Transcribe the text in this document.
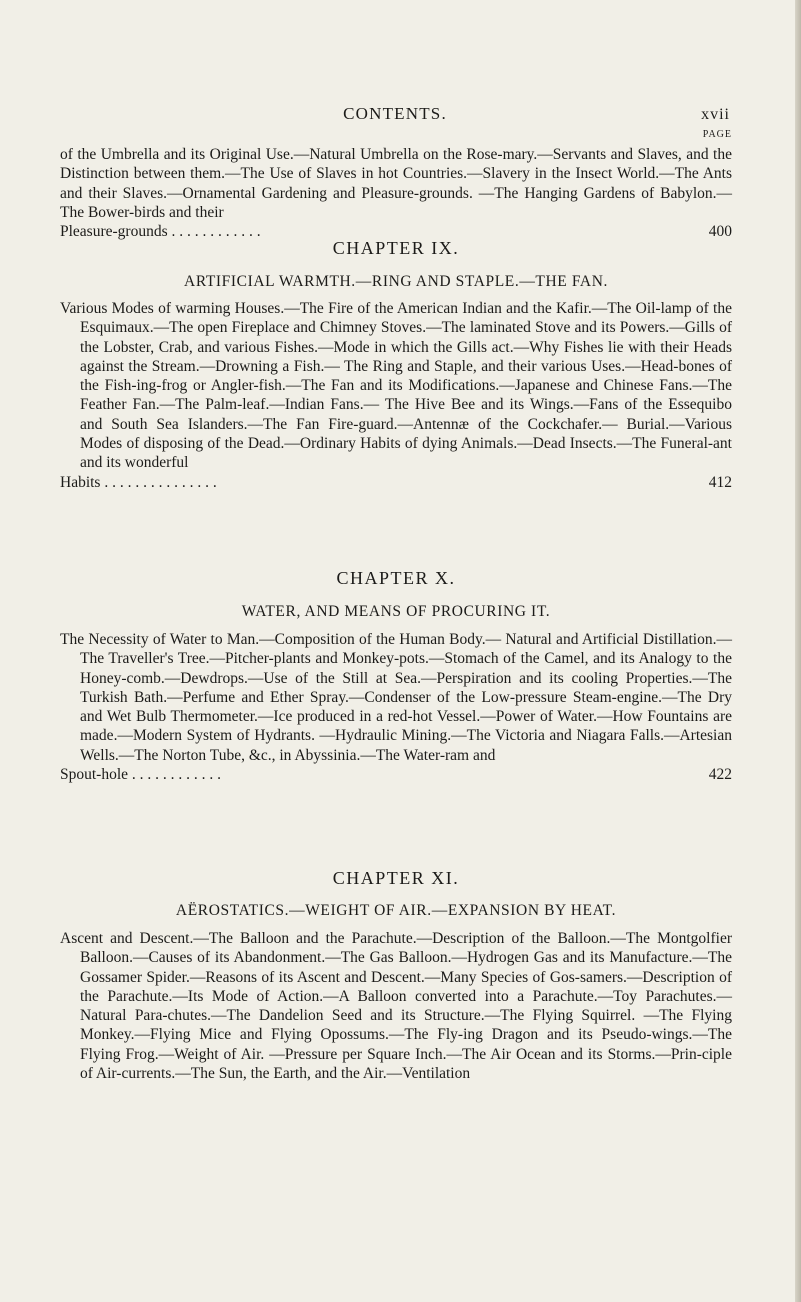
CONTENTS.	xvii
PAGE
of the Umbrella and its Original Use.—Natural Umbrella on the Rose-mary.—Servants and Slaves, and the Distinction between them.—The Use of Slaves in hot Countries.—Slavery in the Insect World.—The Ants and their Slaves.—Ornamental Gardening and Pleasure-grounds. —The Hanging Gardens of Babylon.—The Bower-birds and their
Pleasure-grounds . . . . . . . . . . . .	400
CHAPTER IX.
ARTIFICIAL WARMTH.—RING AND STAPLE.—THE FAN.
Various Modes of warming Houses.—The Fire of the American Indian and the Kafir.—The Oil-lamp of the Esquimaux.—The open Fireplace and Chimney Stoves.—The laminated Stove and its Powers.—Gills of the Lobster, Crab, and various Fishes.—Mode in which the Gills act.—Why Fishes lie with their Heads against the Stream.—Drowning a Fish.— The Ring and Staple, and their various Uses.—Head-bones of the Fish-ing-frog or Angler-fish.—The Fan and its Modifications.—Japanese and Chinese Fans.—The Feather Fan.—The Palm-leaf.—Indian Fans.— The Hive Bee and its Wings.—Fans of the Essequibo and South Sea Islanders.—The Fan Fire-guard.—Antennæ of the Cockchafer.— Burial.—Various Modes of disposing of the Dead.—Ordinary Habits of dying Animals.—Dead Insects.—The Funeral-ant and its wonderful
Habits . . . . . . . . . . . . . . .	412
CHAPTER X.
WATER, AND MEANS OF PROCURING IT.
The Necessity of Water to Man.—Composition of the Human Body.— Natural and Artificial Distillation.—The Traveller's Tree.—Pitcher-plants and Monkey-pots.—Stomach of the Camel, and its Analogy to the Honey-comb.—Dewdrops.—Use of the Still at Sea.—Perspiration and its cooling Properties.—The Turkish Bath.—Perfume and Ether Spray.—Condenser of the Low-pressure Steam-engine.—The Dry and Wet Bulb Thermometer.—Ice produced in a red-hot Vessel.—Power of Water.—How Fountains are made.—Modern System of Hydrants. —Hydraulic Mining.—The Victoria and Niagara Falls.—Artesian Wells.—The Norton Tube, &c., in Abyssinia.—The Water-ram and
Spout-hole . . . . . . . . . . . .	422
CHAPTER XI.
AËROSTATICS.—WEIGHT OF AIR.—EXPANSION BY HEAT.
Ascent and Descent.—The Balloon and the Parachute.—Description of the Balloon.—The Montgolfier Balloon.—Causes of its Abandonment.—The Gas Balloon.—Hydrogen Gas and its Manufacture.—The Gossamer Spider.—Reasons of its Ascent and Descent.—Many Species of Gos-samers.—Description of the Parachute.—Its Mode of Action.—A Balloon converted into a Parachute.—Toy Parachutes.—Natural Para-chutes.—The Dandelion Seed and its Structure.—The Flying Squirrel. —The Flying Monkey.—Flying Mice and Flying Opossums.—The Fly-ing Dragon and its Pseudo-wings.—The Flying Frog.—Weight of Air. —Pressure per Square Inch.—The Air Ocean and its Storms.—Prin-ciple of Air-currents.—The Sun, the Earth, and the Air.—Ventilation
